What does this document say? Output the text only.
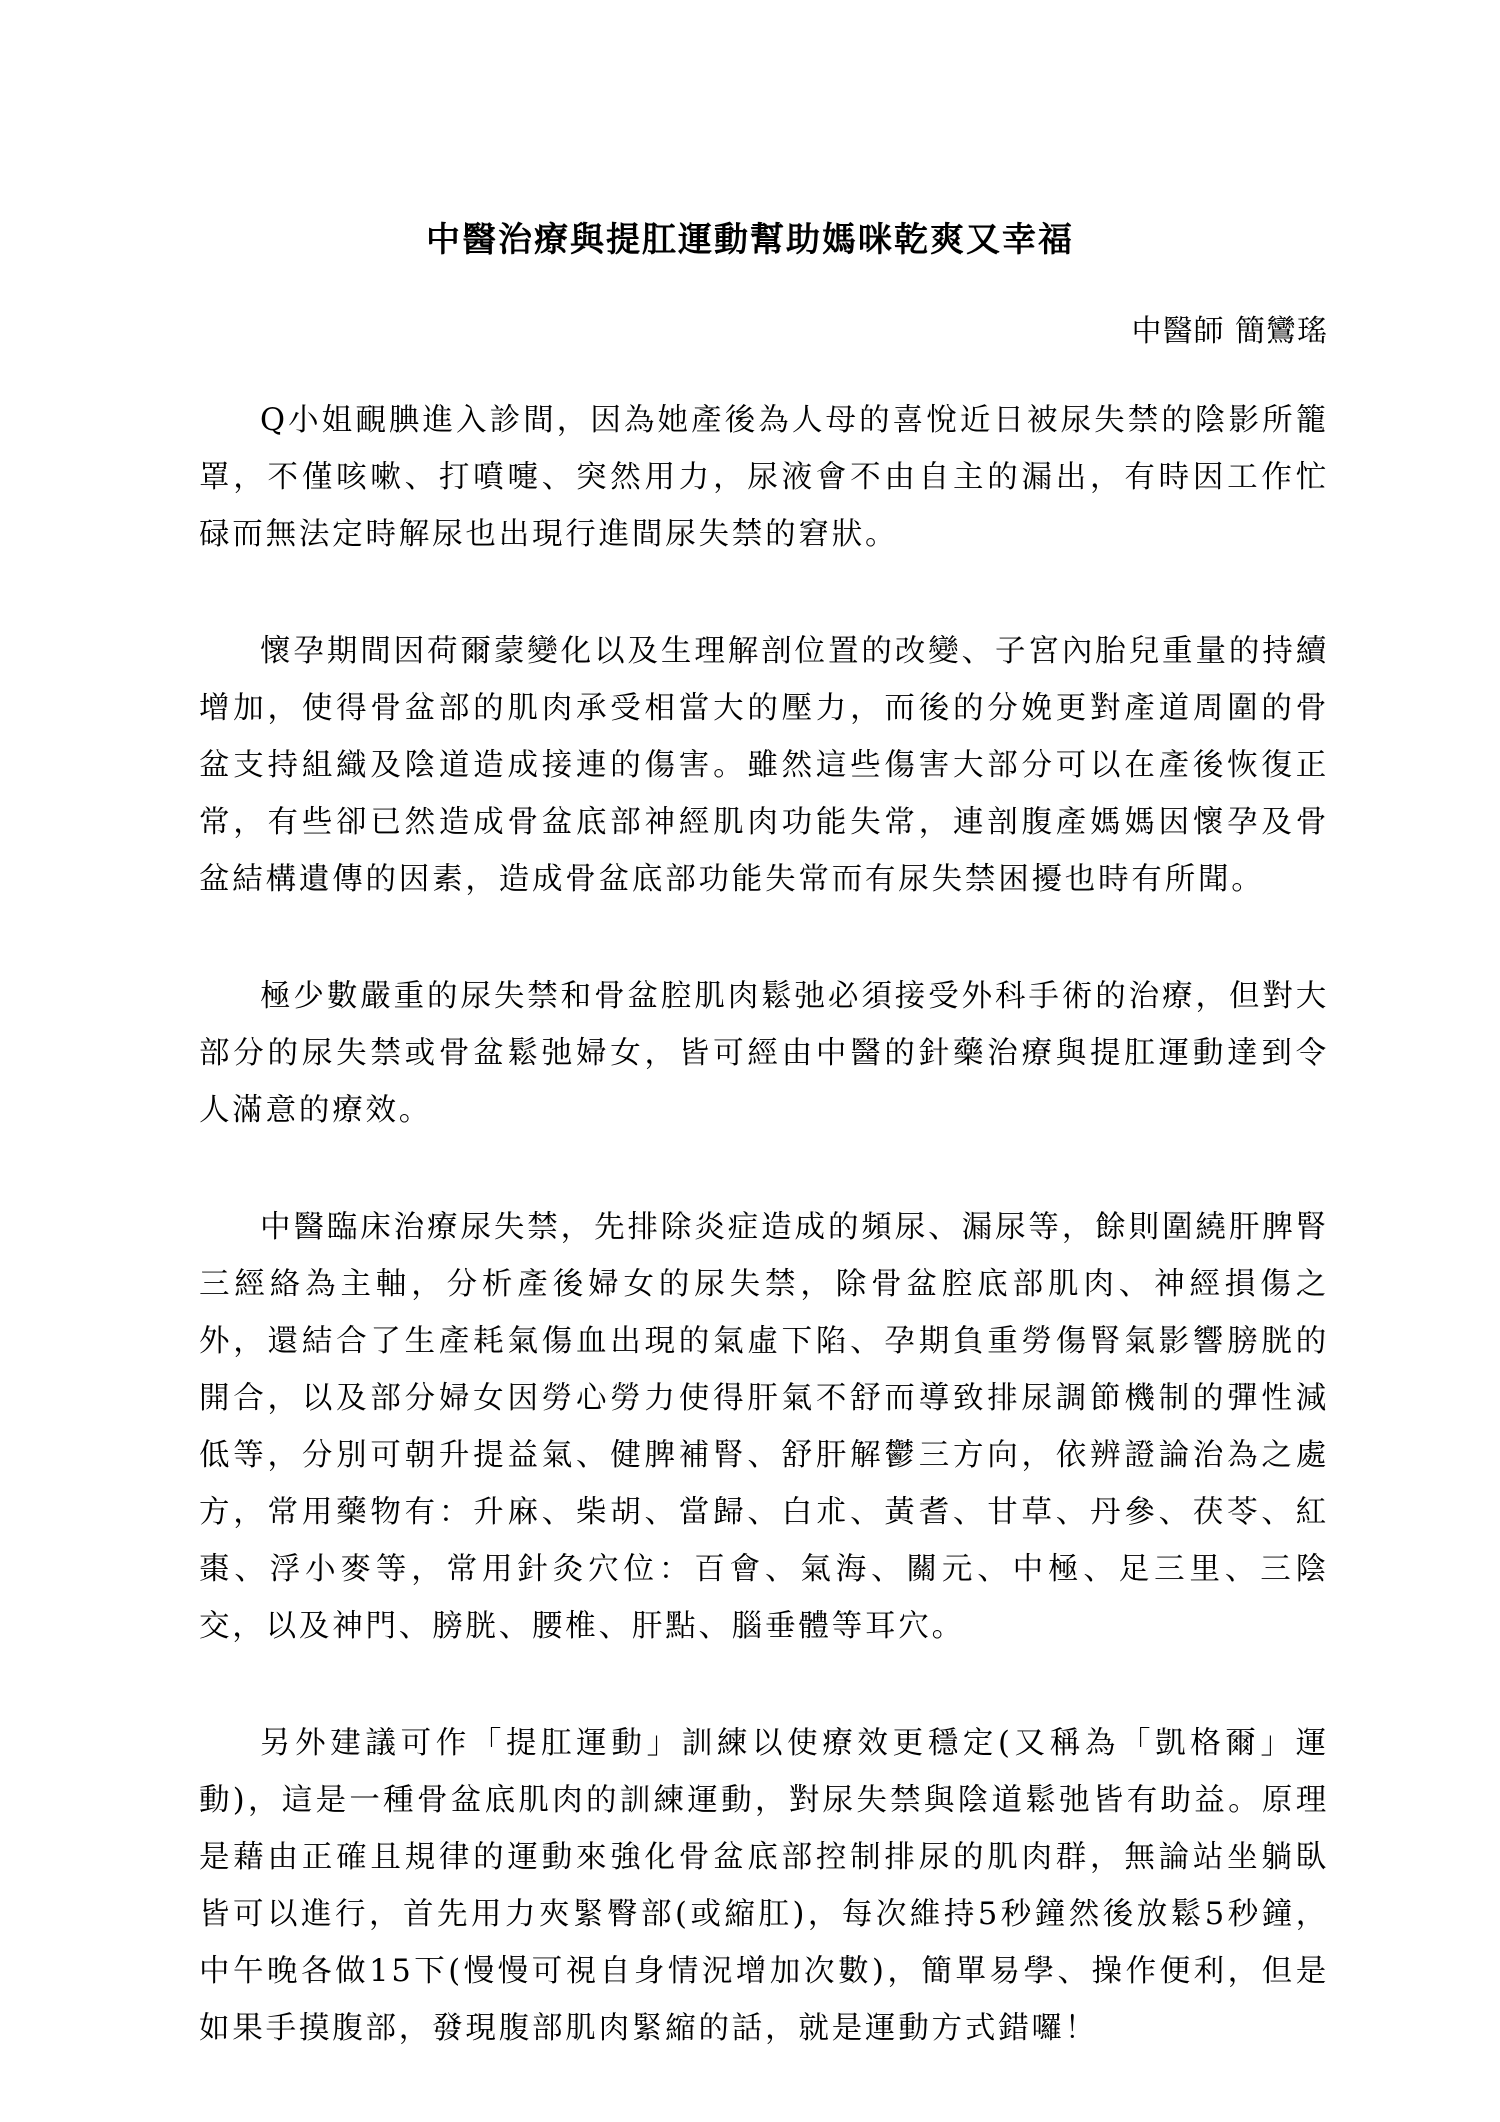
中醫治療與提肛運動幫助媽咪乾爽又幸福
中醫師 簡鸞瑤

Q小姐靦腆進入診間，因為她產後為人母的喜悅近日被尿失禁的陰影所籠罩，不僅咳嗽、打噴嚏、突然用力，尿液會不由自主的漏出，有時因工作忙碌而無法定時解尿也出現行進間尿失禁的窘狀。

懷孕期間因荷爾蒙變化以及生理解剖位置的改變、子宮內胎兒重量的持續增加，使得骨盆部的肌肉承受相當大的壓力，而後的分娩更對產道周圍的骨盆支持組織及陰道造成接連的傷害。雖然這些傷害大部分可以在產後恢復正常，有些卻已然造成骨盆底部神經肌肉功能失常，連剖腹產媽媽因懷孕及骨盆結構遺傳的因素，造成骨盆底部功能失常而有尿失禁困擾也時有所聞。

極少數嚴重的尿失禁和骨盆腔肌肉鬆弛必須接受外科手術的治療，但對大部分的尿失禁或骨盆鬆弛婦女，皆可經由中醫的針藥治療與提肛運動達到令人滿意的療效。

中醫臨床治療尿失禁，先排除炎症造成的頻尿、漏尿等，餘則圍繞肝脾腎三經絡為主軸，分析產後婦女的尿失禁，除骨盆腔底部肌肉、神經損傷之外，還結合了生產耗氣傷血出現的氣虛下陷、孕期負重勞傷腎氣影響膀胱的開合，以及部分婦女因勞心勞力使得肝氣不舒而導致排尿調節機制的彈性減低等，分別可朝升提益氣、健脾補腎、舒肝解鬱三方向，依辨證論治為之處方，常用藥物有：升麻、柴胡、當歸、白朮、黃耆、甘草、丹參、茯苓、紅棗、浮小麥等，常用針灸穴位：百會、氣海、關元、中極、足三里、三陰交，以及神門、膀胱、腰椎、肝點、腦垂體等耳穴。

另外建議可作「提肛運動」訓練以使療效更穩定(又稱為「凱格爾」運動)，這是一種骨盆底肌肉的訓練運動，對尿失禁與陰道鬆弛皆有助益。原理是藉由正確且規律的運動來強化骨盆底部控制排尿的肌肉群，無論站坐躺臥皆可以進行，首先用力夾緊臀部(或縮肛)，每次維持5秒鐘然後放鬆5秒鐘，中午晚各做15下(慢慢可視自身情況增加次數)，簡單易學、操作便利，但是如果手摸腹部，發現腹部肌肉緊縮的話，就是運動方式錯囉！
